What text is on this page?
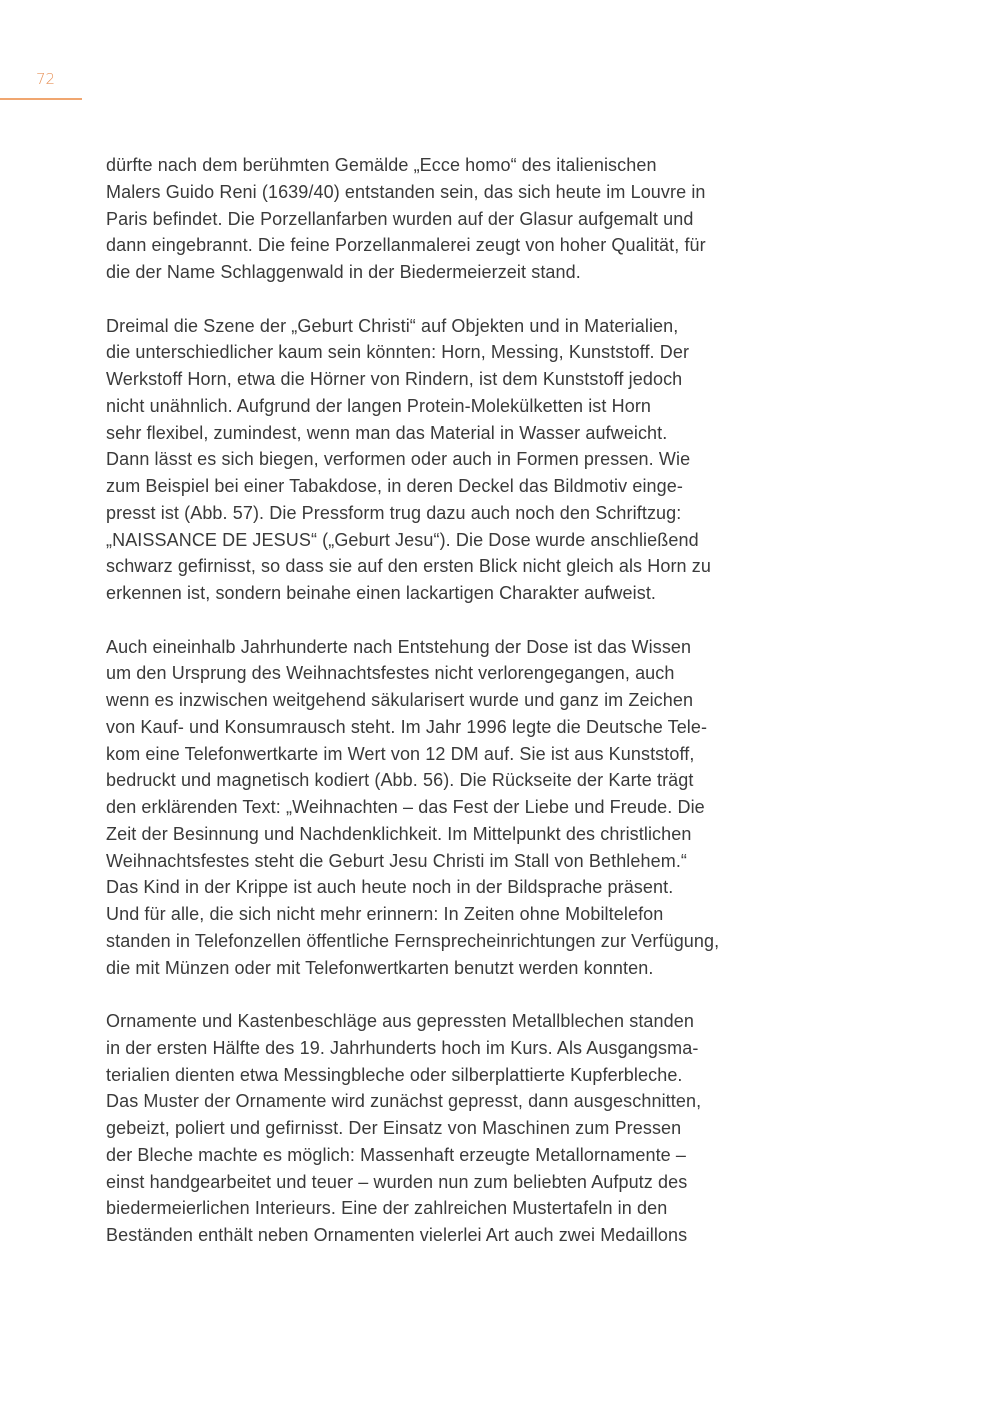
72
dürfte nach dem berühmten Gemälde „Ecce homo“ des italienischen
Malers Guido Reni (1639/40) entstanden sein, das sich heute im Louvre in
Paris befindet. Die Porzellanfarben wurden auf der Glasur aufgemalt und
dann eingebrannt. Die feine Porzellanmalerei zeugt von hoher Qualität, für
die der Name Schlaggenwald in der Biedermeierzeit stand.
Dreimal die Szene der „Geburt Christi“ auf Objekten und in Materialien,
die unterschiedlicher kaum sein könnten: Horn, Messing, Kunststoff. Der
Werkstoff Horn, etwa die Hörner von Rindern, ist dem Kunststoff jedoch
nicht unähnlich. Aufgrund der langen Protein-Molekülketten ist Horn
sehr flexibel, zumindest, wenn man das Material in Wasser aufweicht.
Dann lässt es sich biegen, verformen oder auch in Formen pressen. Wie
zum Beispiel bei einer Tabakdose, in deren Deckel das Bildmotiv einge-
presst ist (Abb. 57). Die Pressform trug dazu auch noch den Schriftzug:
„NAISSANCE DE JESUS“ („Geburt Jesu“). Die Dose wurde anschließend
schwarz gefirnisst, so dass sie auf den ersten Blick nicht gleich als Horn zu
erkennen ist, sondern beinahe einen lackartigen Charakter aufweist.
Auch eineinhalb Jahrhunderte nach Entstehung der Dose ist das Wissen
um den Ursprung des Weihnachtsfestes nicht verlorengegangen, auch
wenn es inzwischen weitgehend säkularisert wurde und ganz im Zeichen
von Kauf- und Konsumrausch steht. Im Jahr 1996 legte die Deutsche Tele-
kom eine Telefonwertkarte im Wert von 12 DM auf. Sie ist aus Kunststoff,
bedruckt und magnetisch kodiert (Abb. 56). Die Rückseite der Karte trägt
den erklärenden Text: „Weihnachten – das Fest der Liebe und Freude. Die
Zeit der Besinnung und Nachdenklichkeit. Im Mittelpunkt des christlichen
Weihnachtsfestes steht die Geburt Jesu Christi im Stall von Bethlehem.“
Das Kind in der Krippe ist auch heute noch in der Bildsprache präsent.
Und für alle, die sich nicht mehr erinnern: In Zeiten ohne Mobiltelefon
standen in Telefonzellen öffentliche Fernsprecheinrichtungen zur Verfügung,
die mit Münzen oder mit Telefonwertkarten benutzt werden konnten.
Ornamente und Kastenbeschläge aus gepressten Metallblechen standen
in der ersten Hälfte des 19. Jahrhunderts hoch im Kurs. Als Ausgangsma-
terialien dienten etwa Messingbleche oder silberplattierte Kupferbleche.
Das Muster der Ornamente wird zunächst gepresst, dann ausgeschnitten,
gebeizt, poliert und gefirnisst. Der Einsatz von Maschinen zum Pressen
der Bleche machte es möglich: Massenhaft erzeugte Metallornamente –
einst handgearbeitet und teuer – wurden nun zum beliebten Aufputz des
biedermeierlichen Interieurs. Eine der zahlreichen Mustertafeln in den
Beständen enthält neben Ornamenten vielerlei Art auch zwei Medaillons
